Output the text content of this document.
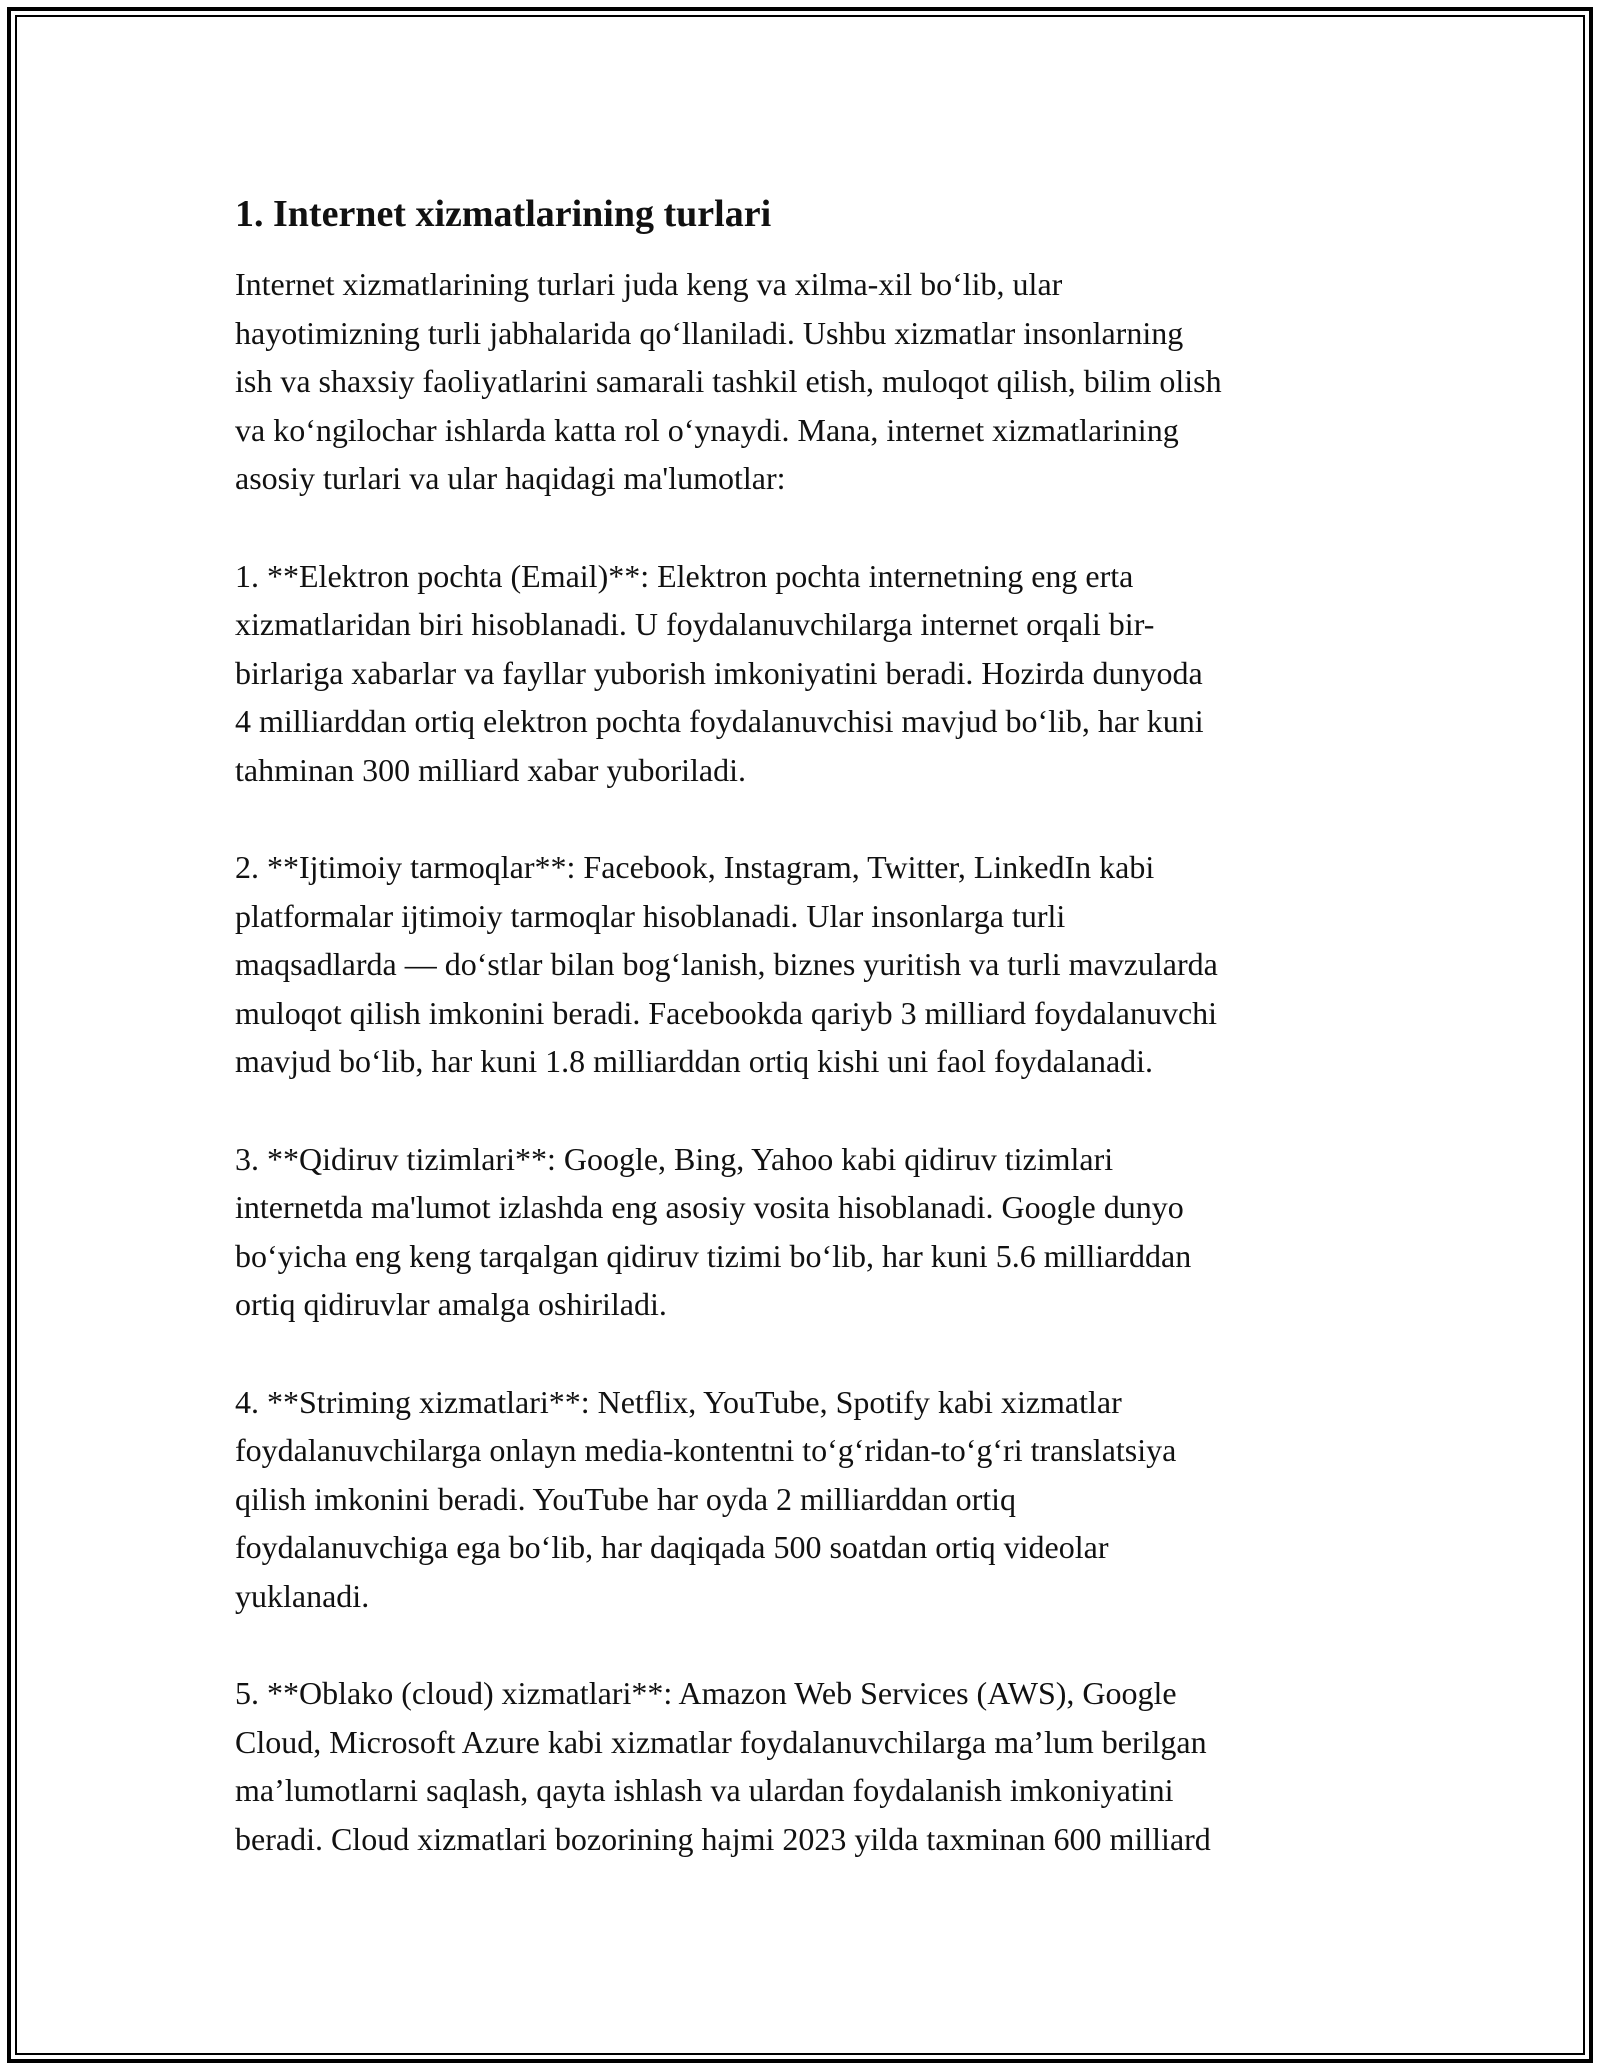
1. Internet xizmatlarining turlari
Internet xizmatlarining turlari juda keng va xilma-xil bo‘lib, ular
hayotimizning turli jabhalarida qo‘llaniladi. Ushbu xizmatlar insonlarning
ish va shaxsiy faoliyatlarini samarali tashkil etish, muloqot qilish, bilim olish
va ko‘ngilochar ishlarda katta rol o‘ynaydi. Mana, internet xizmatlarining
asosiy turlari va ular haqidagi ma'lumotlar:
1. **Elektron pochta (Email)**: Elektron pochta internetning eng erta
xizmatlaridan biri hisoblanadi. U foydalanuvchilarga internet orqali bir-
birlariga xabarlar va fayllar yuborish imkoniyatini beradi. Hozirda dunyoda
4 milliarddan ortiq elektron pochta foydalanuvchisi mavjud bo‘lib, har kuni
tahminan 300 milliard xabar yuboriladi.
2. **Ijtimoiy tarmoqlar**: Facebook, Instagram, Twitter, LinkedIn kabi
platformalar ijtimoiy tarmoqlar hisoblanadi. Ular insonlarga turli
maqsadlarda — do‘stlar bilan bog‘lanish, biznes yuritish va turli mavzularda
muloqot qilish imkonini beradi. Facebookda qariyb 3 milliard foydalanuvchi
mavjud bo‘lib, har kuni 1.8 milliarddan ortiq kishi uni faol foydalanadi.
3. **Qidiruv tizimlari**: Google, Bing, Yahoo kabi qidiruv tizimlari
internetda ma'lumot izlashda eng asosiy vosita hisoblanadi. Google dunyo
bo‘yicha eng keng tarqalgan qidiruv tizimi bo‘lib, har kuni 5.6 milliarddan
ortiq qidiruvlar amalga oshiriladi.
4. **Striming xizmatlari**: Netflix, YouTube, Spotify kabi xizmatlar
foydalanuvchilarga onlayn media-kontentni to‘g‘ridan-to‘g‘ri translatsiya
qilish imkonini beradi. YouTube har oyda 2 milliarddan ortiq
foydalanuvchiga ega bo‘lib, har daqiqada 500 soatdan ortiq videolar
yuklanadi.
5. **Oblako (cloud) xizmatlari**: Amazon Web Services (AWS), Google
Cloud, Microsoft Azure kabi xizmatlar foydalanuvchilarga ma’lum berilgan
ma’lumotlarni saqlash, qayta ishlash va ulardan foydalanish imkoniyatini
beradi. Cloud xizmatlari bozorining hajmi 2023 yilda taxminan 600 milliard
